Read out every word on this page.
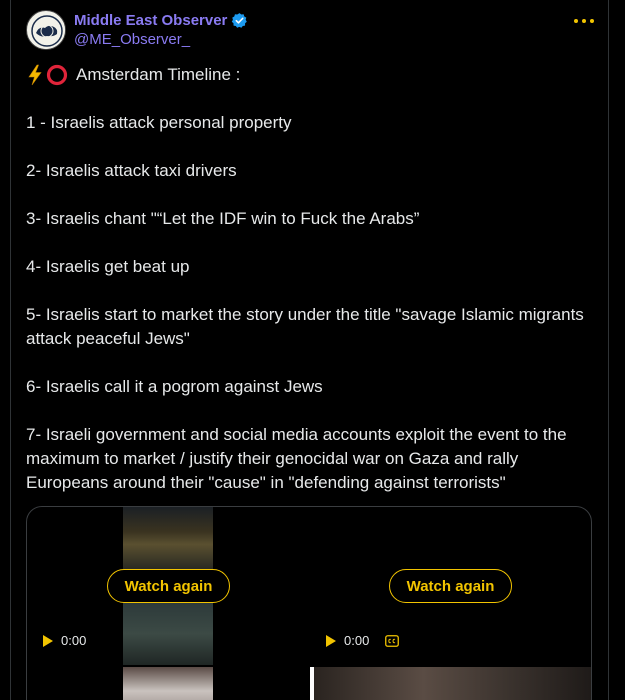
Middle East Observer
@ME_Observer_

Amsterdam Timeline :

1 - Israelis attack personal property

2- Israelis attack taxi drivers

3- Israelis chant "“Let the IDF win to Fuck the Arabs”

4- Israelis get beat up

5- Israelis start to market the story under the title "savage Islamic migrants attack peaceful Jews"

6- Israelis call it a pogrom against Jews

7- Israeli government and social media accounts exploit the event to the maximum to market / justify their genocidal war on Gaza and rally Europeans around their "cause" in "defending against terrorists"

Watch again
0:00
Watch again
0:00
